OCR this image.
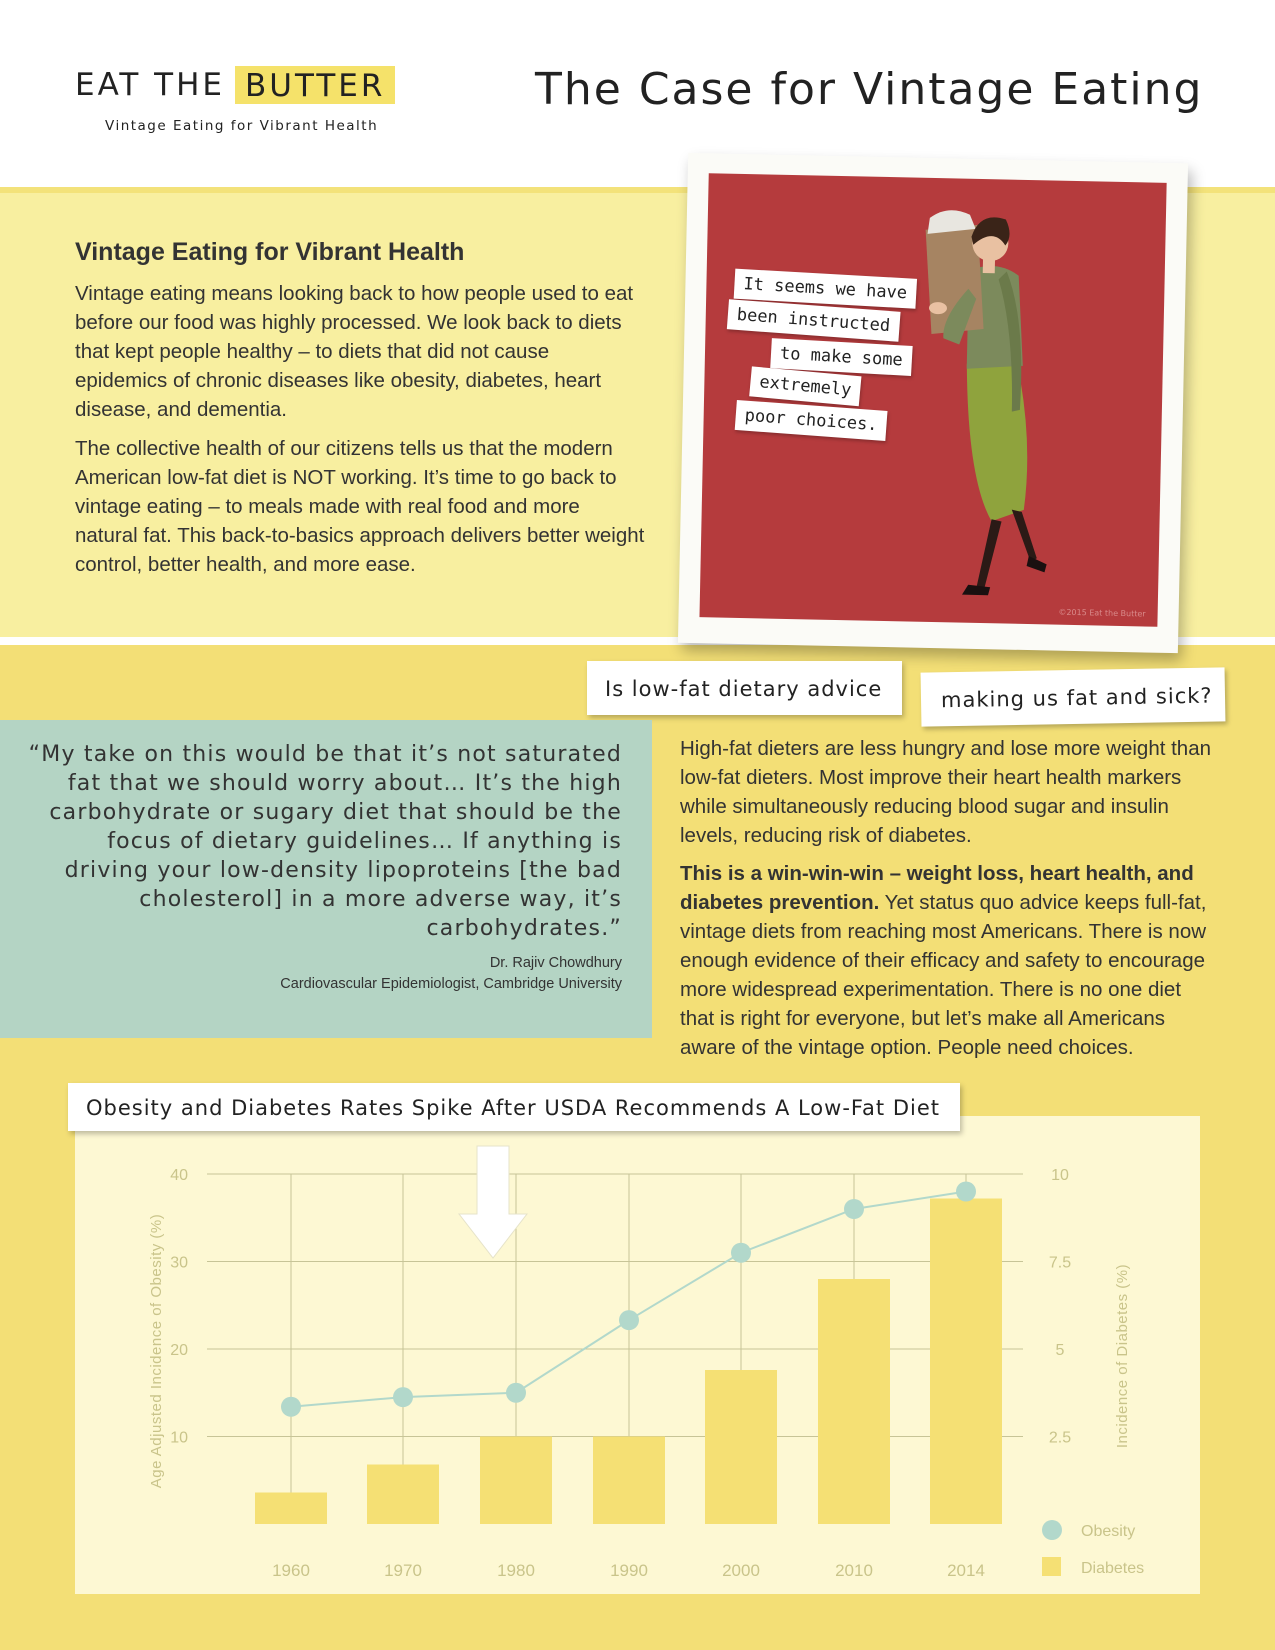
EAT THE BUTTER
Vintage Eating for Vibrant Health
The Case for Vintage Eating
Vintage Eating for Vibrant Health

Vintage eating means looking back to how people used to eat before our food was highly processed. We look back to diets that kept people healthy – to diets that did not cause epidemics of chronic diseases like obesity, diabetes, heart disease, and dementia.

The collective health of our citizens tells us that the modern American low-fat diet is NOT working. It’s time to go back to vintage eating – to meals made with real food and more natural fat. This back-to-basics approach delivers better weight control, better health, and more ease.

It seems we have
been instructed
to make some
extremely
poor choices.
©2015 Eat the Butter
Is low-fat dietary advice	making us fat and sick?
“My take on this would be that it’s not saturated fat that we should worry about… It’s the high carbohydrate or sugary diet that should be the focus of dietary guidelines… If anything is driving your low-density lipoproteins [the bad cholesterol] in a more adverse way, it’s carbohydrates.”
Dr. Rajiv Chowdhury
Cardiovascular Epidemiologist, Cambridge University

High-fat dieters are less hungry and lose more weight than low-fat dieters. Most improve their heart health markers while simultaneously reducing blood sugar and insulin levels, reducing risk of diabetes.

This is a win-win-win – weight loss, heart health, and diabetes prevention. Yet status quo advice keeps full-fat, vintage diets from reaching most Americans. There is now enough evidence of their efficacy and safety to encourage more widespread experimentation. There is no one diet that is right for everyone, but let’s make all Americans aware of the vintage option. People need choices.

10
20
30
40
2.5
5
7.5
10
1960	1970	1980	1990	2000	2010	2014
Age Adjusted Incidence of Obesity (%)	Incidence of Diabetes (%)
Obesity
Diabetes
Obesity and Diabetes Rates Spike After USDA Recommends A Low-Fat Diet
